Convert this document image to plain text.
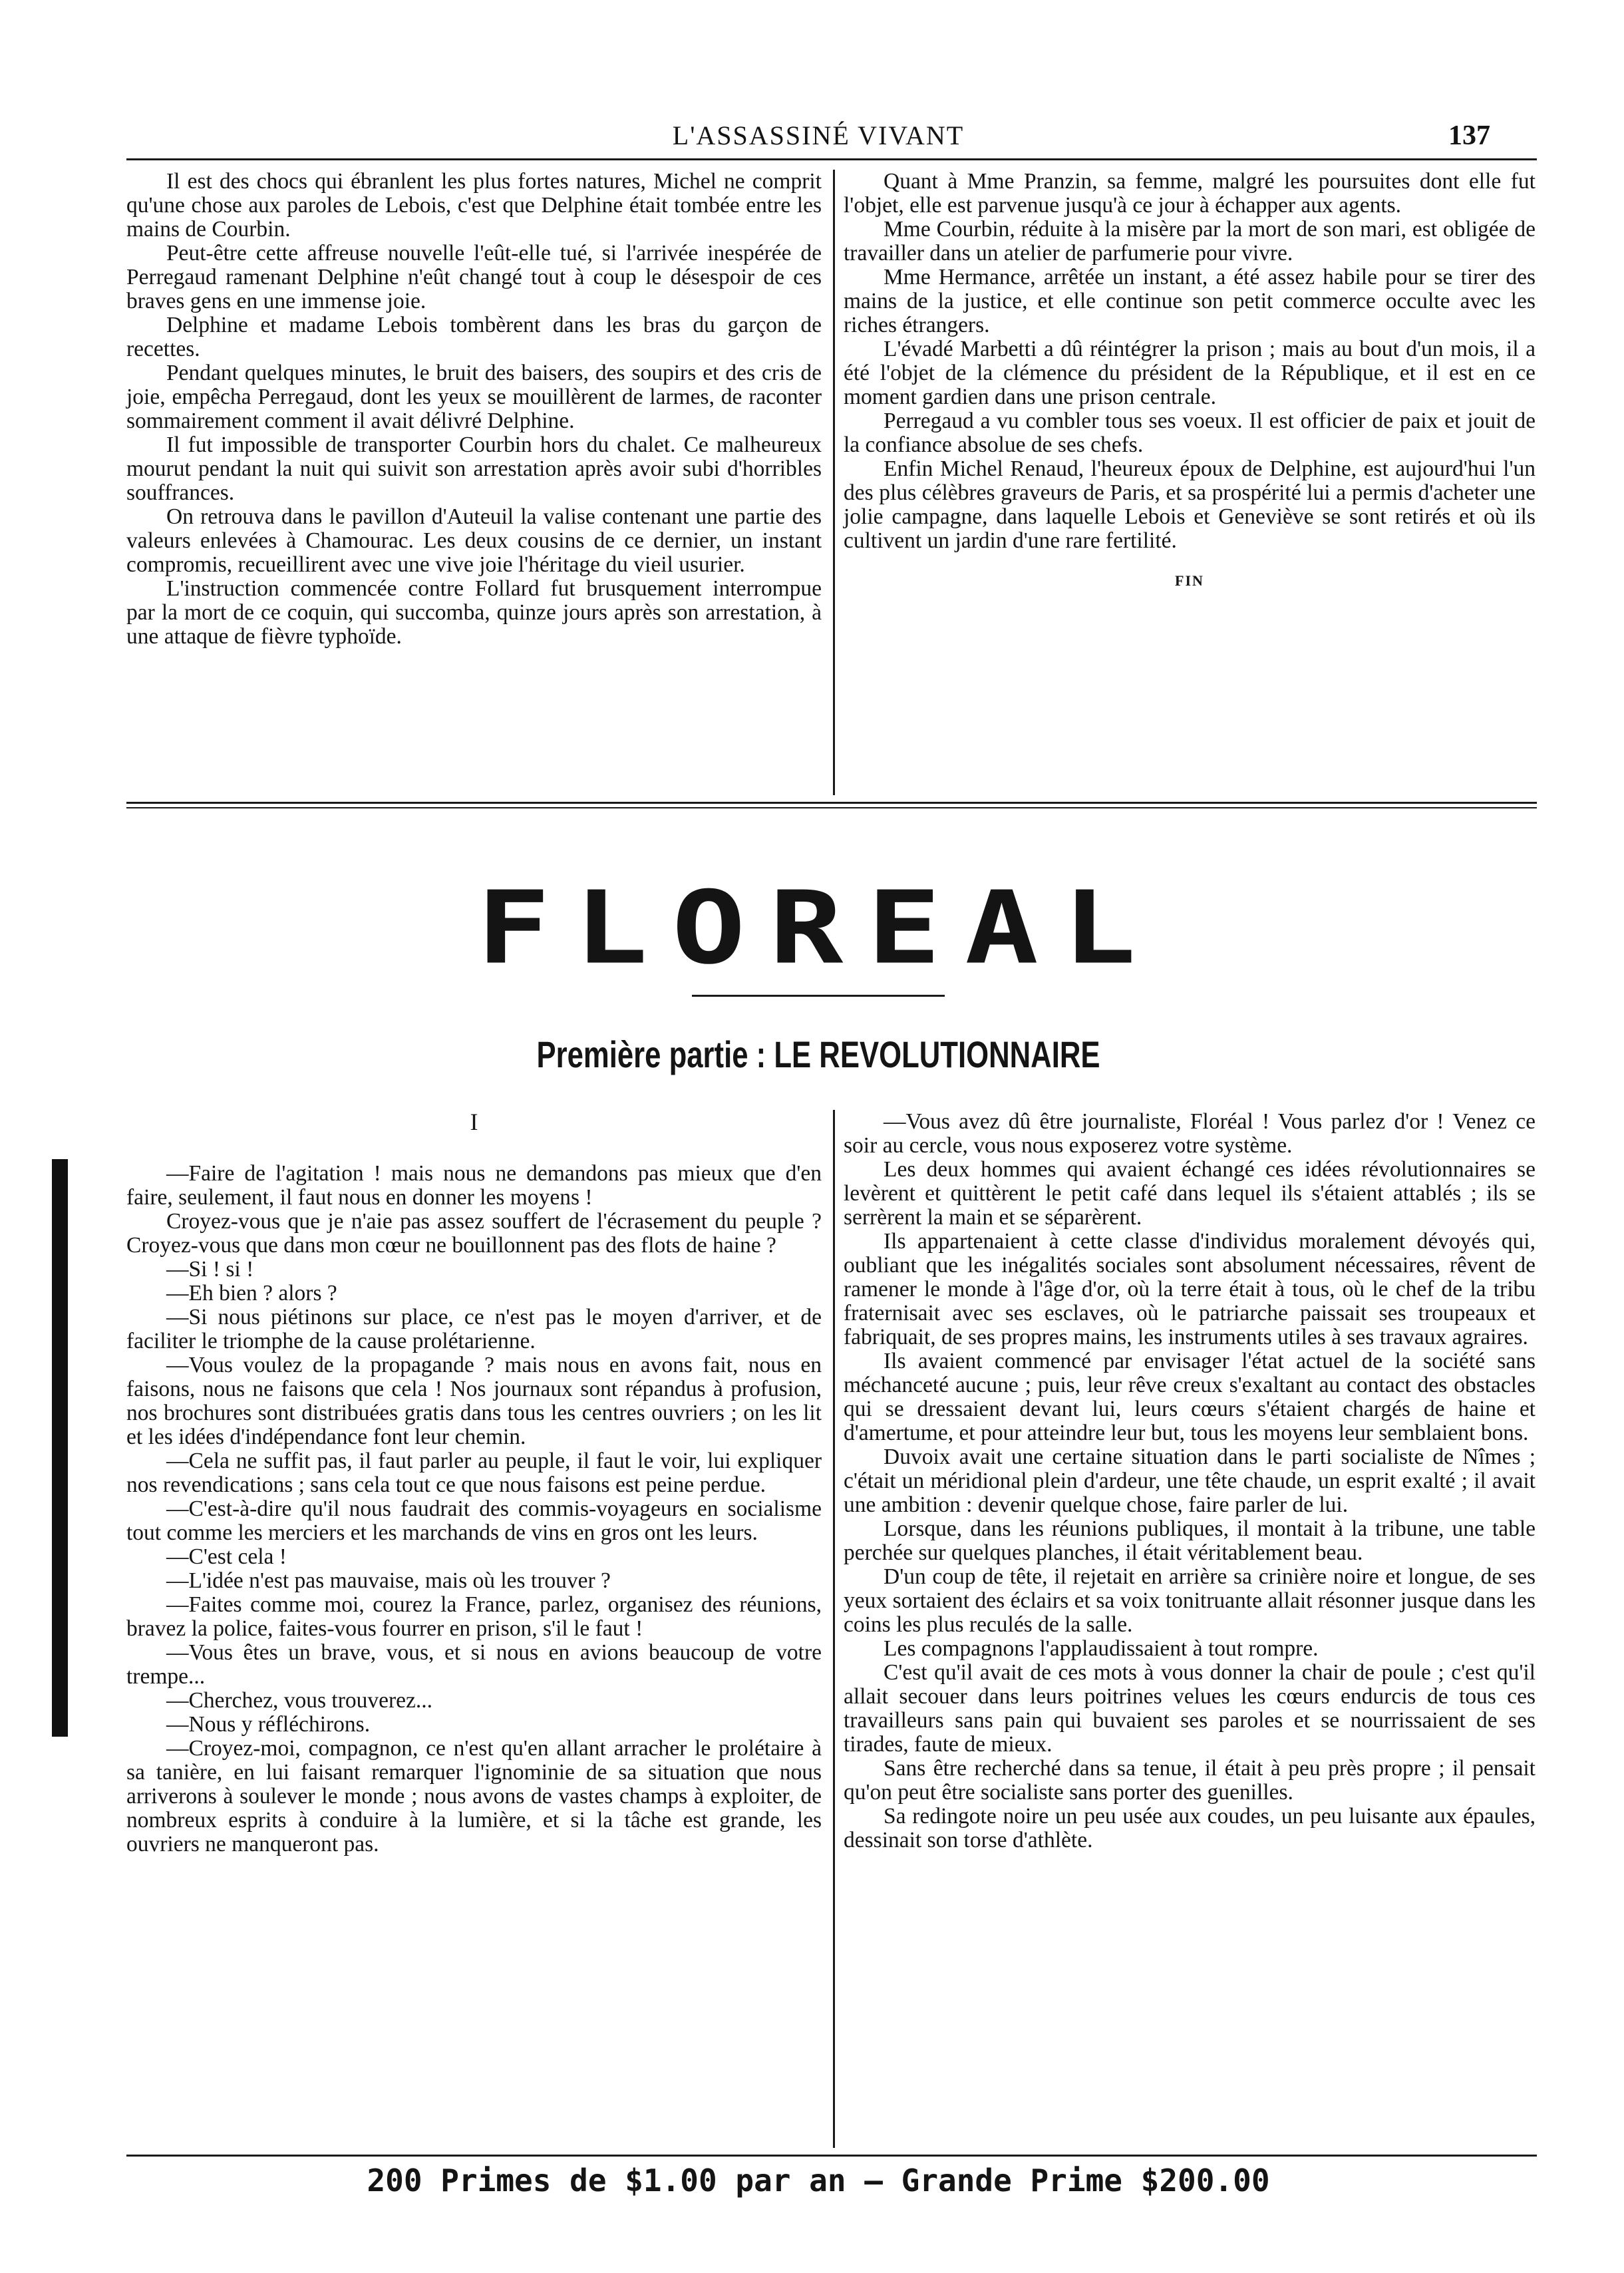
L'ASSASSINÉ VIVANT	137

Il est des chocs qui ébranlent les plus fortes natures, Michel ne comprit qu'une chose aux paroles de Lebois, c'est que Delphine était tombée entre les mains de Courbin.

Peut-être cette affreuse nouvelle l'eût-elle tué, si l'arrivée inespérée de Perregaud ramenant Delphine n'eût changé tout à coup le désespoir de ces braves gens en une immense joie.

Delphine et madame Lebois tombèrent dans les bras du garçon de recettes.

Pendant quelques minutes, le bruit des baisers, des soupirs et des cris de joie, empêcha Perregaud, dont les yeux se mouillèrent de larmes, de raconter sommairement comment il avait délivré Delphine.

Il fut impossible de transporter Courbin hors du chalet. Ce malheureux mourut pendant la nuit qui suivit son arrestation après avoir subi d'horribles souffrances.

On retrouva dans le pavillon d'Auteuil la valise contenant une partie des valeurs enlevées à Chamourac. Les deux cousins de ce dernier, un instant compromis, recueillirent avec une vive joie l'héritage du vieil usurier.

L'instruction commencée contre Follard fut brusquement interrompue par la mort de ce coquin, qui succomba, quinze jours après son arrestation, à une attaque de fièvre typhoïde.

Quant à Mme Pranzin, sa femme, malgré les poursuites dont elle fut l'objet, elle est parvenue jusqu'à ce jour à échapper aux agents.

Mme Courbin, réduite à la misère par la mort de son mari, est obligée de travailler dans un atelier de parfumerie pour vivre.

Mme Hermance, arrêtée un instant, a été assez habile pour se tirer des mains de la justice, et elle continue son petit commerce occulte avec les riches étrangers.

L'évadé Marbetti a dû réintégrer la prison ; mais au bout d'un mois, il a été l'objet de la clémence du président de la République, et il est en ce moment gardien dans une prison centrale.

Perregaud a vu combler tous ses voeux. Il est officier de paix et jouit de la confiance absolue de ses chefs.

Enfin Michel Renaud, l'heureux époux de Delphine, est aujourd'hui l'un des plus célèbres graveurs de Paris, et sa prospérité lui a permis d'acheter une jolie campagne, dans laquelle Lebois et Geneviève se sont retirés et où ils cultivent un jardin d'une rare fertilité.

FIN

FLOREAL
Première partie : LE REVOLUTIONNAIRE
I

—Faire de l'agitation ! mais nous ne demandons pas mieux que d'en faire, seulement, il faut nous en donner les moyens !

Croyez-vous que je n'aie pas assez souffert de l'écrasement du peuple ? Croyez-vous que dans mon cœur ne bouillonnent pas des flots de haine ?

—Si ! si !

—Eh bien ? alors ?

—Si nous piétinons sur place, ce n'est pas le moyen d'arriver, et de faciliter le triomphe de la cause prolétarienne.

—Vous voulez de la propagande ? mais nous en avons fait, nous en faisons, nous ne faisons que cela ! Nos journaux sont répandus à profusion, nos brochures sont distribuées gratis dans tous les centres ouvriers ; on les lit et les idées d'indépendance font leur chemin.

—Cela ne suffit pas, il faut parler au peuple, il faut le voir, lui expliquer nos revendications ; sans cela tout ce que nous faisons est peine perdue.

—C'est-à-dire qu'il nous faudrait des commis-voyageurs en socialisme tout comme les merciers et les marchands de vins en gros ont les leurs.

—C'est cela !

—L'idée n'est pas mauvaise, mais où les trouver ?

—Faites comme moi, courez la France, parlez, organisez des réunions, bravez la police, faites-vous fourrer en prison, s'il le faut !

—Vous êtes un brave, vous, et si nous en avions beaucoup de votre trempe...

—Cherchez, vous trouverez...

—Nous y réfléchirons.

—Croyez-moi, compagnon, ce n'est qu'en allant arracher le prolétaire à sa tanière, en lui faisant remarquer l'ignominie de sa situation que nous arriverons à soulever le monde ; nous avons de vastes champs à exploiter, de nombreux esprits à conduire à la lumière, et si la tâche est grande, les ouvriers ne manqueront pas.

—Vous avez dû être journaliste, Floréal ! Vous parlez d'or ! Venez ce soir au cercle, vous nous exposerez votre système.

Les deux hommes qui avaient échangé ces idées révolutionnaires se levèrent et quittèrent le petit café dans lequel ils s'étaient attablés ; ils se serrèrent la main et se séparèrent.

Ils appartenaient à cette classe d'individus moralement dévoyés qui, oubliant que les inégalités sociales sont absolument nécessaires, rêvent de ramener le monde à l'âge d'or, où la terre était à tous, où le chef de la tribu fraternisait avec ses esclaves, où le patriarche paissait ses troupeaux et fabriquait, de ses propres mains, les instruments utiles à ses travaux agraires.

Ils avaient commencé par envisager l'état actuel de la société sans méchanceté aucune ; puis, leur rêve creux s'exaltant au contact des obstacles qui se dressaient devant lui, leurs cœurs s'étaient chargés de haine et d'amertume, et pour atteindre leur but, tous les moyens leur semblaient bons.

Duvoix avait une certaine situation dans le parti socialiste de Nîmes ; c'était un méridional plein d'ardeur, une tête chaude, un esprit exalté ; il avait une ambition : devenir quelque chose, faire parler de lui.

Lorsque, dans les réunions publiques, il montait à la tribune, une table perchée sur quelques planches, il était véritablement beau.

D'un coup de tête, il rejetait en arrière sa crinière noire et longue, de ses yeux sortaient des éclairs et sa voix tonitruante allait résonner jusque dans les coins les plus reculés de la salle.

Les compagnons l'applaudissaient à tout rompre.

C'est qu'il avait de ces mots à vous donner la chair de poule ; c'est qu'il allait secouer dans leurs poitrines velues les cœurs endurcis de tous ces travailleurs sans pain qui buvaient ses paroles et se nourrissaient de ses tirades, faute de mieux.

Sans être recherché dans sa tenue, il était à peu près propre ; il pensait qu'on peut être socialiste sans porter des guenilles.

Sa redingote noire un peu usée aux coudes, un peu luisante aux épaules, dessinait son torse d'athlète.

200 Primes de $1.00 par an — Grande Prime $200.00
